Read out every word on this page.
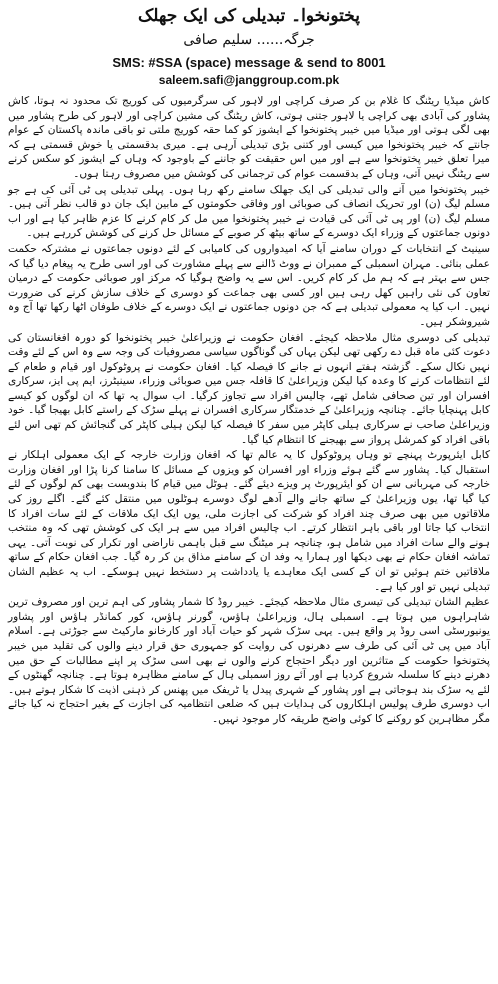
پختونخوا۔ تبدیلی کی ایک جھلک
جرگہ...... سلیم صافی
SMS: #SSA (space) message & send to 8001
saleem.safi@janggroup.com.pk

کاش میڈیا ریٹنگ کا غلام بن کر صرف کراچی اور لاہور کی سرگرمیوں کی کوریج تک محدود نہ ہوتا، کاش پشاور کی آبادی بھی کراچی یا لاہور جتنی ہوتی، کاش ریٹنگ کی مشین کراچی اور لاہور کی طرح پشاور میں بھی لگی ہوتی اور میڈیا میں خیبر پختونخوا کے ایشوز کو کما حقہ کوریج ملتی تو باقی ماندہ پاکستان کے عوام جانتے کہ خیبر پختونخوا میں کیسی اور کتنی بڑی تبدیلی آرہی ہے۔ میری بدقسمتی یا خوش قسمتی ہے کہ میرا تعلق خیبر پختونخوا سے ہے اور میں اس حقیقت کو جاننے کے باوجود کہ وہاں کے ایشوز کو سکس کرنے سے ریٹنگ نہیں آتی، وہاں کے بدقسمت عوام کی ترجمانی کی کوشش میں مصروف رہتا ہوں۔

خیبر پختونخوا میں آنے والی تبدیلی کی ایک جھلک سامنے رکھ رہا ہوں۔ پہلی تبدیلی پی ٹی آئی کی ہے جو مسلم لیگ (ن) اور تحریک انصاف کی صوبائی اور وفاقی حکومتوں کے مابین ایک جان دو قالب نظر آتی ہیں۔ مسلم لیگ (ن) اور پی ٹی آئی کی قیادت نے خیبر پختونخوا میں مل کر کام کرنے کا عزم ظاہر کیا ہے اور اب دونوں جماعتوں کے وزراء ایک دوسرے کے ساتھ بیٹھ کر صوبے کے مسائل حل کرنے کی کوشش کررہے ہیں۔

سینیٹ کے انتخابات کے دوران سامنے آیا کہ امیدواروں کی کامیابی کے لئے دونوں جماعتوں نے مشترکہ حکمت عملی بنائی۔ مہران اسمبلی کے ممبران نے ووٹ ڈالنے سے پہلے مشاورت کی اور اسی طرح یہ پیغام دیا گیا کہ جس سے بہتر ہے کہ ہم مل کر کام کریں۔ اس سے یہ واضح ہوگیا کہ مرکز اور صوبائی حکومت کے درمیان تعاون کی نئی راہیں کھل رہی ہیں اور کسی بھی جماعت کو دوسری کے خلاف سازش کرنے کی ضرورت نہیں۔ اب کیا یہ معمولی تبدیلی ہے کہ جن دونوں جماعتوں نے ایک دوسرے کے خلاف طوفان اٹھا رکھا تھا آج وہ شیروشکر ہیں۔

تبدیلی کی دوسری مثال ملاحظہ کیجئے۔ افغان حکومت نے وزیراعلیٰ خیبر پختونخوا کو دورہ افغانستان کی دعوت کئی ماہ قبل دے رکھی تھی لیکن یہاں کی گوناگوں سیاسی مصروفیات کی وجہ سے وہ اس کے لئے وقت نہیں نکال سکے۔ گزشتہ ہفتے انہوں نے جانے کا فیصلہ کیا۔ افغان حکومت نے پروٹوکول اور قیام و طعام کے لئے انتظامات کرنے کا وعدہ کیا لیکن وزیراعلیٰ کا قافلہ جس میں صوبائی وزراء، سینیٹرز، ایم پی ایز، سرکاری افسران اور تین صحافی شامل تھے، چالیس افراد سے تجاوز کرگیا۔ اب سوال یہ تھا کہ ان لوگوں کو کیسے کابل پہنچایا جائے۔ چنانچہ وزیراعلیٰ کے خدمتگار سرکاری افسران نے پہلے سڑک کے راستے کابل بھیجا گیا۔ خود وزیراعلیٰ صاحب نے سرکاری ہیلی کاپٹر میں سفر کا فیصلہ کیا لیکن ہیلی کاپٹر کی گنجائش کم تھی اس لئے باقی افراد کو کمرشل پرواز سے بھیجنے کا انتظام کیا گیا۔

کابل ایئرپورٹ پہنچے تو وہاں پروٹوکول کا یہ عالم تھا کہ افغان وزارت خارجہ کے ایک معمولی اہلکار نے استقبال کیا۔ پشاور سے گئے ہوئے وزراء اور افسران کو ویزوں کے مسائل کا سامنا کرنا پڑا اور افغان وزارت خارجہ کی مہربانی سے ان کو ایئرپورٹ پر ویزے دیئے گئے۔ ہوٹل میں قیام کا بندوبست بھی کم لوگوں کے لئے کیا گیا تھا، یوں وزیراعلیٰ کے ساتھ جانے والے آدھے لوگ دوسرے ہوٹلوں میں منتقل کئے گئے۔ اگلے روز کی ملاقاتوں میں بھی صرف چند افراد کو شرکت کی اجازت ملی، یوں ایک ایک ملاقات کے لئے سات افراد کا انتخاب کیا جاتا اور باقی باہر انتظار کرتے۔ اب چالیس افراد میں سے ہر ایک کی کوشش تھی کہ وہ منتخب ہونے والے سات افراد میں شامل ہو، چنانچہ ہر میٹنگ سے قبل باہمی ناراضی اور تکرار کی نوبت آتی۔ یہی تماشہ افغان حکام نے بھی دیکھا اور ہمارا یہ وفد ان کے سامنے مذاق بن کر رہ گیا۔ جب افغان حکام کے ساتھ ملاقاتیں ختم ہوئیں تو ان کے کسی ایک معاہدے یا یادداشت پر دستخط نہیں ہوسکے۔ اب یہ عظیم الشان تبدیلی نہیں تو اور کیا ہے۔

عظیم الشان تبدیلی کی تیسری مثال ملاحظہ کیجئے۔ خیبر روڈ کا شمار پشاور کی اہم ترین اور مصروف ترین شاہراہوں میں ہوتا ہے۔ اسمبلی ہال، وزیراعلیٰ ہاؤس، گورنر ہاؤس، کور کمانڈر ہاؤس اور پشاور یونیورسٹی اسی روڈ پر واقع ہیں۔ یہی سڑک شہر کو حیات آباد اور کارخانو مارکیٹ سے جوڑتی ہے۔ اسلام آباد میں پی ٹی آئی کی طرف سے دھرنوں کی روایت کو جمہوری حق قرار دینے والوں کی تقلید میں خیبر پختونخوا حکومت کے متاثرین اور دیگر احتجاج کرنے والوں نے بھی اسی سڑک پر اپنے مطالبات کے حق میں دھرنے دینے کا سلسلہ شروع کردیا ہے اور آئے روز اسمبلی ہال کے سامنے مظاہرہ ہوتا ہے۔ چنانچہ گھنٹوں کے لئے یہ سڑک بند ہوجاتی ہے اور پشاور کے شہری پیدل یا ٹریفک میں پھنس کر ذہنی اذیت کا شکار ہوتے ہیں۔ اب دوسری طرف پولیس اہلکاروں کی ہدایات ہیں کہ ضلعی انتظامیہ کی اجازت کے بغیر احتجاج نہ کیا جائے مگر مظاہرین کو روکنے کا کوئی واضح طریقہ کار موجود نہیں۔
